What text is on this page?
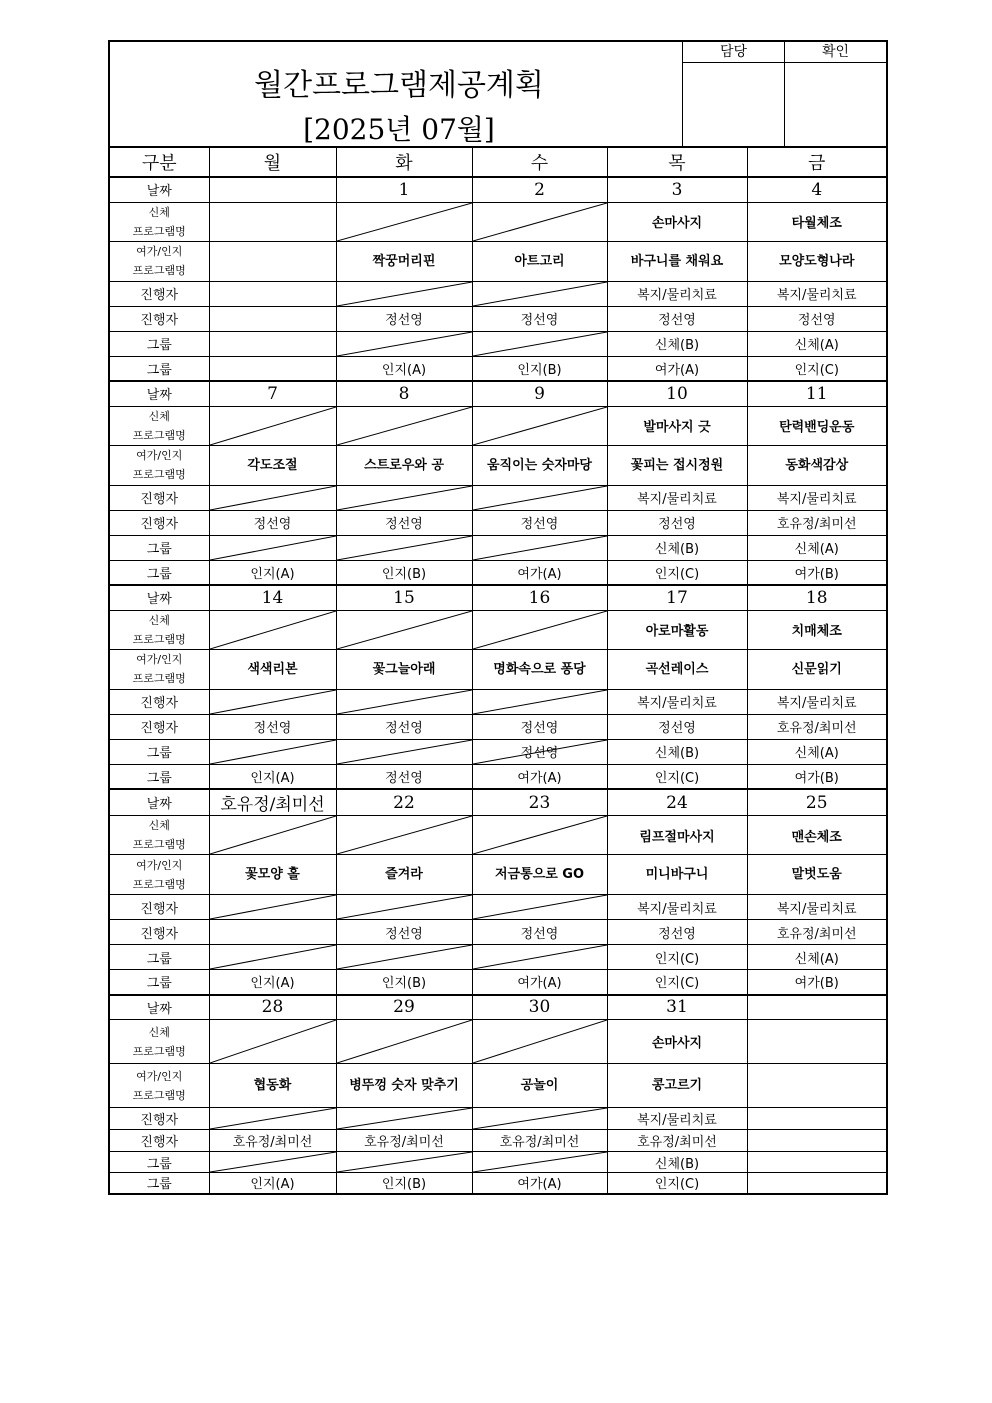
월간프로그램제공계획
[2025년 07월]
담당	확인
구분	월	화	수	목	금
날짜		1	2	3	4

신체
프로그램명				손마사지	타월체조

여가/인지
프로그램명		짝꿍머리핀	아트고리	바구니를 채워요	모양도형나라
진행자				복지/물리치료	복지/물리치료
진행자		정선영	정선영	정선영	정선영
그룹				신체(B)	신체(A)
그룹		인지(A)	인지(B)	여가(A)	인지(C)
날짜	7	8	9	10	11

신체
프로그램명				발마사지 긋	탄력밴딩운동

여가/인지
프로그램명	각도조절	스트로우와 공	움직이는 숫자마당	꽃피는 접시정원	동화색감상
진행자				복지/물리치료	복지/물리치료
진행자	정선영	정선영	정선영	정선영	호유정/최미선
그룹				신체(B)	신체(A)
그룹	인지(A)	인지(B)	여가(A)	인지(C)	여가(B)
날짜	14	15	16	17	18

신체
프로그램명				아로마활동	치매체조

여가/인지
프로그램명	색색리본	꽃그늘아래	명화속으로 퐁당	곡선레이스	신문읽기
진행자				복지/물리치료	복지/물리치료
진행자	정선영	정선영	정선영	정선영	호유정/최미선
그룹			정선영	신체(B)	신체(A)
그룹	인지(A)	정선영	여가(A)	인지(C)	여가(B)
날짜	호유정/최미선	22	23	24	25

신체
프로그램명				림프절마사지	맨손체조

여가/인지
프로그램명	꽃모양 홀	즐겨라	저금통으로 GO	미니바구니	말벗도움
진행자				복지/물리치료	복지/물리치료
진행자		정선영	정선영	정선영	호유정/최미선
그룹				인지(C)	신체(A)
그룹	인지(A)	인지(B)	여가(A)	인지(C)	여가(B)
날짜	28	29	30	31	

신체
프로그램명				손마사지	

여가/인지
프로그램명	협동화	병뚜껑 숫자 맞추기	공놀이	콩고르기	
진행자				복지/물리치료	
진행자	호유정/최미선	호유정/최미선	호유정/최미선	호유정/최미선	
그룹				신체(B)	
그룹	인지(A)	인지(B)	여가(A)	인지(C)	
